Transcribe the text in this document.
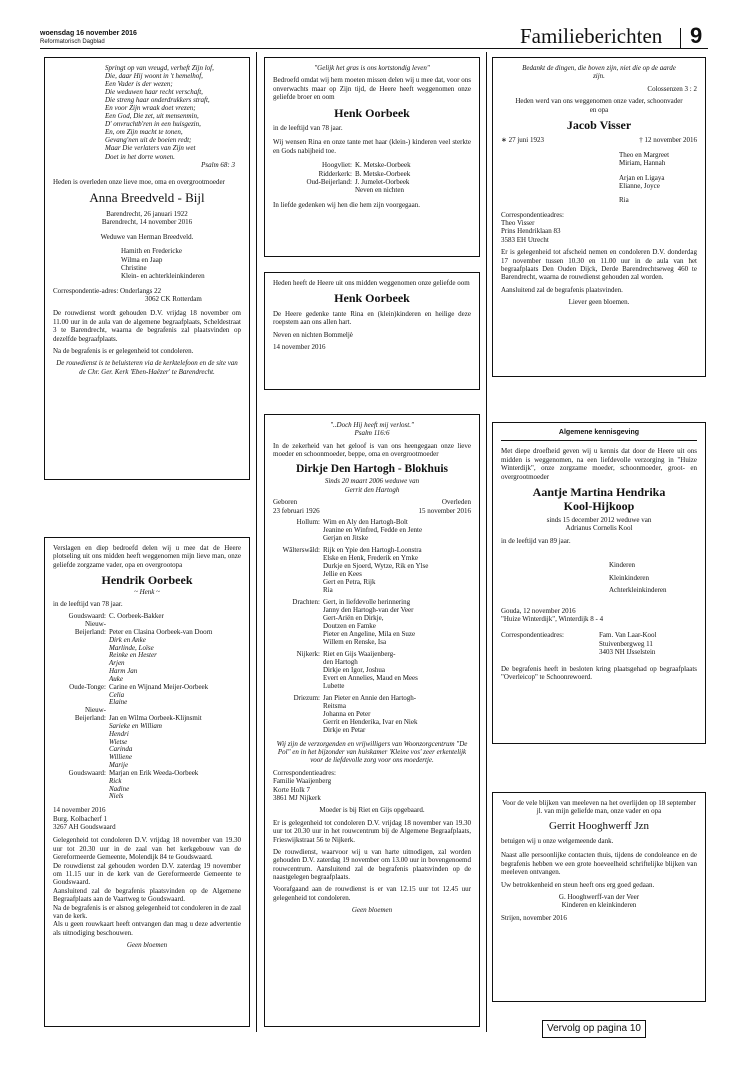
woensdag 16 november 2016
Reformatorisch Dagblad	Familieberichten 9
Springt op van vreugd, verheft Zijn lof,
Die, daar Hij woont in 't hemelhof,
Een Vader is der wezen;
Die weduwen haar recht verschaft,
Die streng haar onderdrukkers straft,
En voor Zijn wraak doet vrezen;
Een God, Die zet, uit mensenmin,
D' onvruchtb'ren in een huisgezin,
En, om Zijn macht te tonen,
Gevang'nen uit de boeien redt;
Maar Die verlaters van Zijn wet
Doet in het dorre wonen.

Psalm 68: 3

Heden is overleden onze lieve moe, oma en overgrootmoeder

Anna Breedveld - Bijl

Barendrecht, 26 januari 1922

Barendrecht, 14 november 2016

Weduwe van Herman Breedveld.

Hamith en Fredericke
Wilma en Jaap
Christine
Klein- en achterkleinkinderen

Correspondentie-adres: Onderlangs 22

3062 CK Rotterdam

De rouwdienst wordt gehouden D.V. vrijdag 18 november om 11.00 uur in de aula van de algemene begraafplaats, Scheldestraat 3 te Barendrecht, waarna de begrafenis zal plaatsvinden op dezelfde begraafplaats.

Na de begrafenis is er gelegenheid tot condoleren.

De rouwdienst is te beluisteren via de kerktelefoon en de site van de Chr. Ger. Kerk 'Eben-Haëzer' te Barendrecht.

"Gelijk het gras is ons kortstondig leven"

Bedroefd omdat wij hem moeten missen delen wij u mee dat, voor ons onverwachts maar op Zijn tijd, de Heere heeft weggenomen onze geliefde broer en oom

Henk Oorbeek

in de leeftijd van 78 jaar.

Wij wensen Rina en onze tante met haar (klein-) kinderen veel sterkte en Gods nabijheid toe.

Hoogvliet: K. Metske-Oorbeek
Ridderkerk: B. Metske-Oorbeek
Oud-Beijerland: J. Jumelet-Oorbeek
Neven en nichten

In liefde gedenken wij hen die hem zijn voorgegaan.

Heden heeft de Heere uit ons midden weggenomen onze geliefde oom

Henk Oorbeek

De Heere gedenke tante Rina en (klein)kinderen en heilige deze roepstem aan ons allen hart.

Neven en nichten Bommeljè

14 november 2016

Bedankt de dingen, die boven zijn, niet die op de aarde zijn.

Colossenzen 3 : 2

Heden werd van ons weggenomen onze vader, schoonvader en opa

Jacob Visser

∗ 27 juni 1923	† 12 november 2016
Theo en Margreet
Miriam, Hannah
Arjan en Ligaya
Elianne, Joyce
Ria
Correspondentieadres:
Theo Visser
Prins Hendriklaan 83
3583 EH Utrecht

Er is gelegenheid tot afscheid nemen en condoleren D.V. donderdag 17 november tussen 10.30 en 11.00 uur in de aula van het begraafplaats Den Ouden Dijck, Derde Barendrechtseweg 460 te Barendrecht, waarna de rouwdienst gehouden zal worden.

Aansluitend zal de begrafenis plaatsvinden.

Liever geen bloemen.

Verslagen en diep bedroefd delen wij u mee dat de Heere plotseling uit ons midden heeft weggenomen mijn lieve man, onze geliefde zorgzame vader, opa en overgrootopa

Hendrik Oorbeek

~ Henk ~

in de leeftijd van 78 jaar.

Goudswaard: C. Oorbeek-Bakker
Nieuw-
Beijerland: Peter en Clasina Oorbeek-van Doorn
Dirk en Anke
Marlinde, Loïse
Reinke en Hester
Arjen
Harm Jan
Auke
Oude-Tonge: Carine en Wijnand Meijer-Oorbeek
Celia
Elaine
Nieuw-
Beijerland: Jan en Wilma Oorbeek-Klijnsmit
Sarieke en William
Hendri
Wietse
Carinda
Williene
Marije
Goudswaard: Marjan en Erik Weeda-Oorbeek
Rick
Nadine
Niels

14 november 2016

Burg. Kolbacherf 1
3267 AH Goudswaard

Gelegenheid tot condoleren D.V. vrijdag 18 november van 19.30 uur tot 20.30 uur in de zaal van het kerkgebouw van de Gereformeerde Gemeente, Molendijk 84 te Goudswaard.

De rouwdienst zal gehouden worden D.V. zaterdag 19 november om 11.15 uur in de kerk van de Gereformeerde Gemeente te Goudswaard.

Aansluitend zal de begrafenis plaatsvinden op de Algemene Begraafplaats aan de Vaartweg te Goudswaard.

Na de begrafenis is er alsnog gelegenheid tot condoleren in de zaal van de kerk.

Als u geen rouwkaart heeft ontvangen dan mag u deze advertentie als uitnodiging beschouwen.

Geen bloemen

"..Doch Hij heeft mij verlost."

Psalm 116:6

In de zekerheid van het geloof is van ons heengegaan onze lieve moeder en schoonmoeder, beppe, oma en overgrootmoeder

Dirkje Den Hartogh - Blokhuis

Sinds 20 maart 2006 weduwe van

Gerrit den Hartogh

Geboren	Overleden
23 februari 1926	15 november 2016
Hollum: Wim en Aly den Hartogh-Bolt
Jeanine en Winfred, Fedde en Jente
Gerjan en Jitske
Wâlterswâld: Rijk en Ypie den Hartogh-Loonstra
Elske en Henk, Frederik en Ymke
Durkje en Sjoerd, Wytze, Rik en Ylse
Jellie en Kees
Gert en Petra, Rijk
Ria
Drachten: Gert, in liefdevolle herinnering
Janny den Hartogh-van der Veer
Gert-Ariën en Dirkje,
Doutzen en Famke
Pieter en Angeline, Mila en Suze
Willem en Renske, Isa
Nijkerk: Riet en Gijs Waaijenberg-
den Hartogh
Dirkje en Igor, Joshua
Evert en Annelies, Maud en Mees
Lubette
Driezum: Jan Pieter en Annie den Hartogh-
Reitsma
Johanna en Peter
Gerrit en Henderika, Ivar en Niek
Dirkje en Petar

Wij zijn de verzorgenden en vrijwilligers van Woonzorgcentrum "De Pol" en in het bijzonder van huiskamer 'Kleine vos' zeer erkentelijk voor de liefdevolle zorg voor ons moedertje.

Correspondentieadres:
Familie Waaijenberg
Korte Holk 7
3861 MJ Nijkerk

Moeder is bij Riet en Gijs opgebaard.

Er is gelegenheid tot condoleren D.V. vrijdag 18 november van 19.30 uur tot 20.30 uur in het rouwcentrum bij de Algemene Begraafplaats, Frieswijkstraat 56 te Nijkerk.

De rouwdienst, waarvoor wij u van harte uitnodigen, zal worden gehouden D.V. zaterdag 19 november om 13.00 uur in bovengenoemd rouwcentrum. Aansluitend zal de begrafenis plaatsvinden op de naastgelegen begraafplaats.

Voorafgaand aan de rouwdienst is er van 12.15 uur tot 12.45 uur gelegenheid tot condoleren.

Geen bloemen

Algemene kennisgeving

Met diepe droefheid geven wij u kennis dat door de Heere uit ons midden is weggenomen, na een liefdevolle verzorging in "Huize Winterdijk", onze zorgzame moeder, schoonmoeder, groot- en overgrootmoeder

Aantje Martina Hendrika

Kool-Hijkoop

sinds 15 december 2012 weduwe van

Adrianus Cornelis Kool

in de leeftijd van 89 jaar.

Kinderen
Kleinkinderen
Achterkleinkinderen

Gouda, 12 november 2016

"Huize Winterdijk", Winterdijk 8 - 4

Correspondentieadres:	Fam. Van Laar-Kool
Stuivenbergweg 11
3403 NH IJsselstein

De begrafenis heeft in besloten kring plaatsgehad op begraafplaats "Overleicop" te Schoonrewoerd.

Voor de vele blijken van meeleven na het overlijden op 18 september jl. van mijn geliefde man, onze vader en opa

Gerrit Hooghwerff Jzn

betuigen wij u onze welgemeende dank.

Naast alle persoonlijke contacten thuis, tijdens de condoleance en de begrafenis hebben we een grote hoeveelheid schriftelijke blijken van meeleven ontvangen.

Uw betrokkenheid en steun heeft ons erg goed gedaan.

G. Hooghwerff-van der Veer

Kinderen en kleinkinderen

Strijen, november 2016

Vervolg op pagina 10
